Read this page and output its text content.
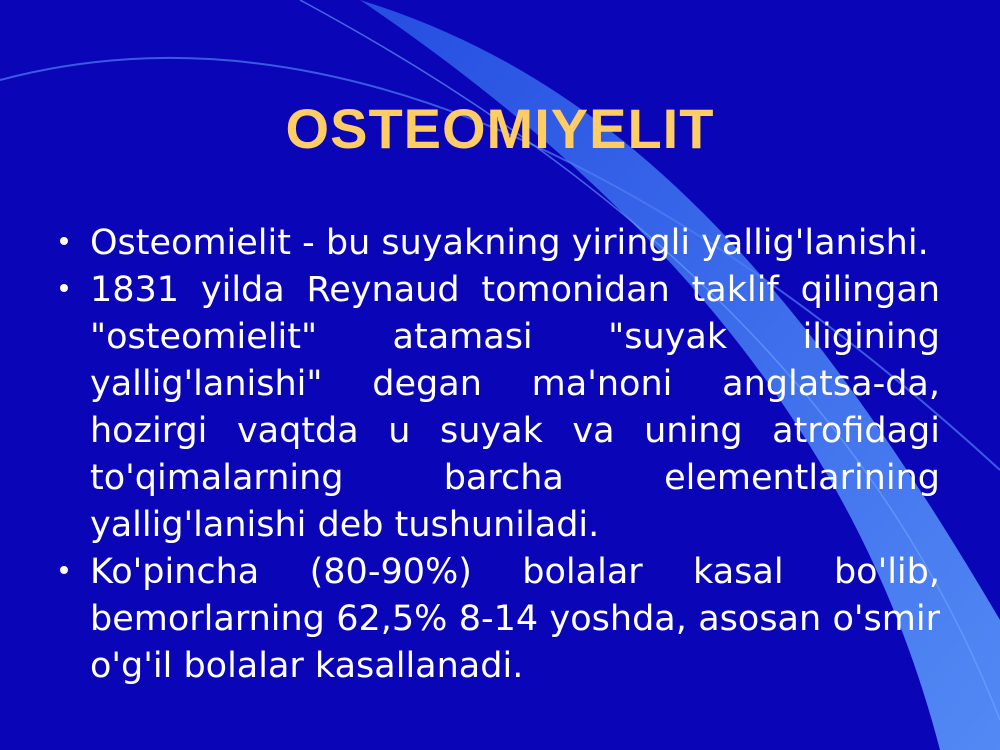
OSTEOMIYELIT
Osteomielit - bu suyakning yiringli yallig'lanishi.
1831 yilda Reynaud tomonidan taklif qilingan "osteomielit" atamasi "suyak iligining yallig'lanishi" degan ma'noni anglatsa-da, hozirgi vaqtda u suyak va uning atrofidagi to'qimalarning barcha elementlarining yallig'lanishi deb tushuniladi.
Ko'pincha (80-90%) bolalar kasal bo'lib, bemorlarning 62,5% 8-14 yoshda, asosan o'smir o'g'il bolalar kasallanadi.
